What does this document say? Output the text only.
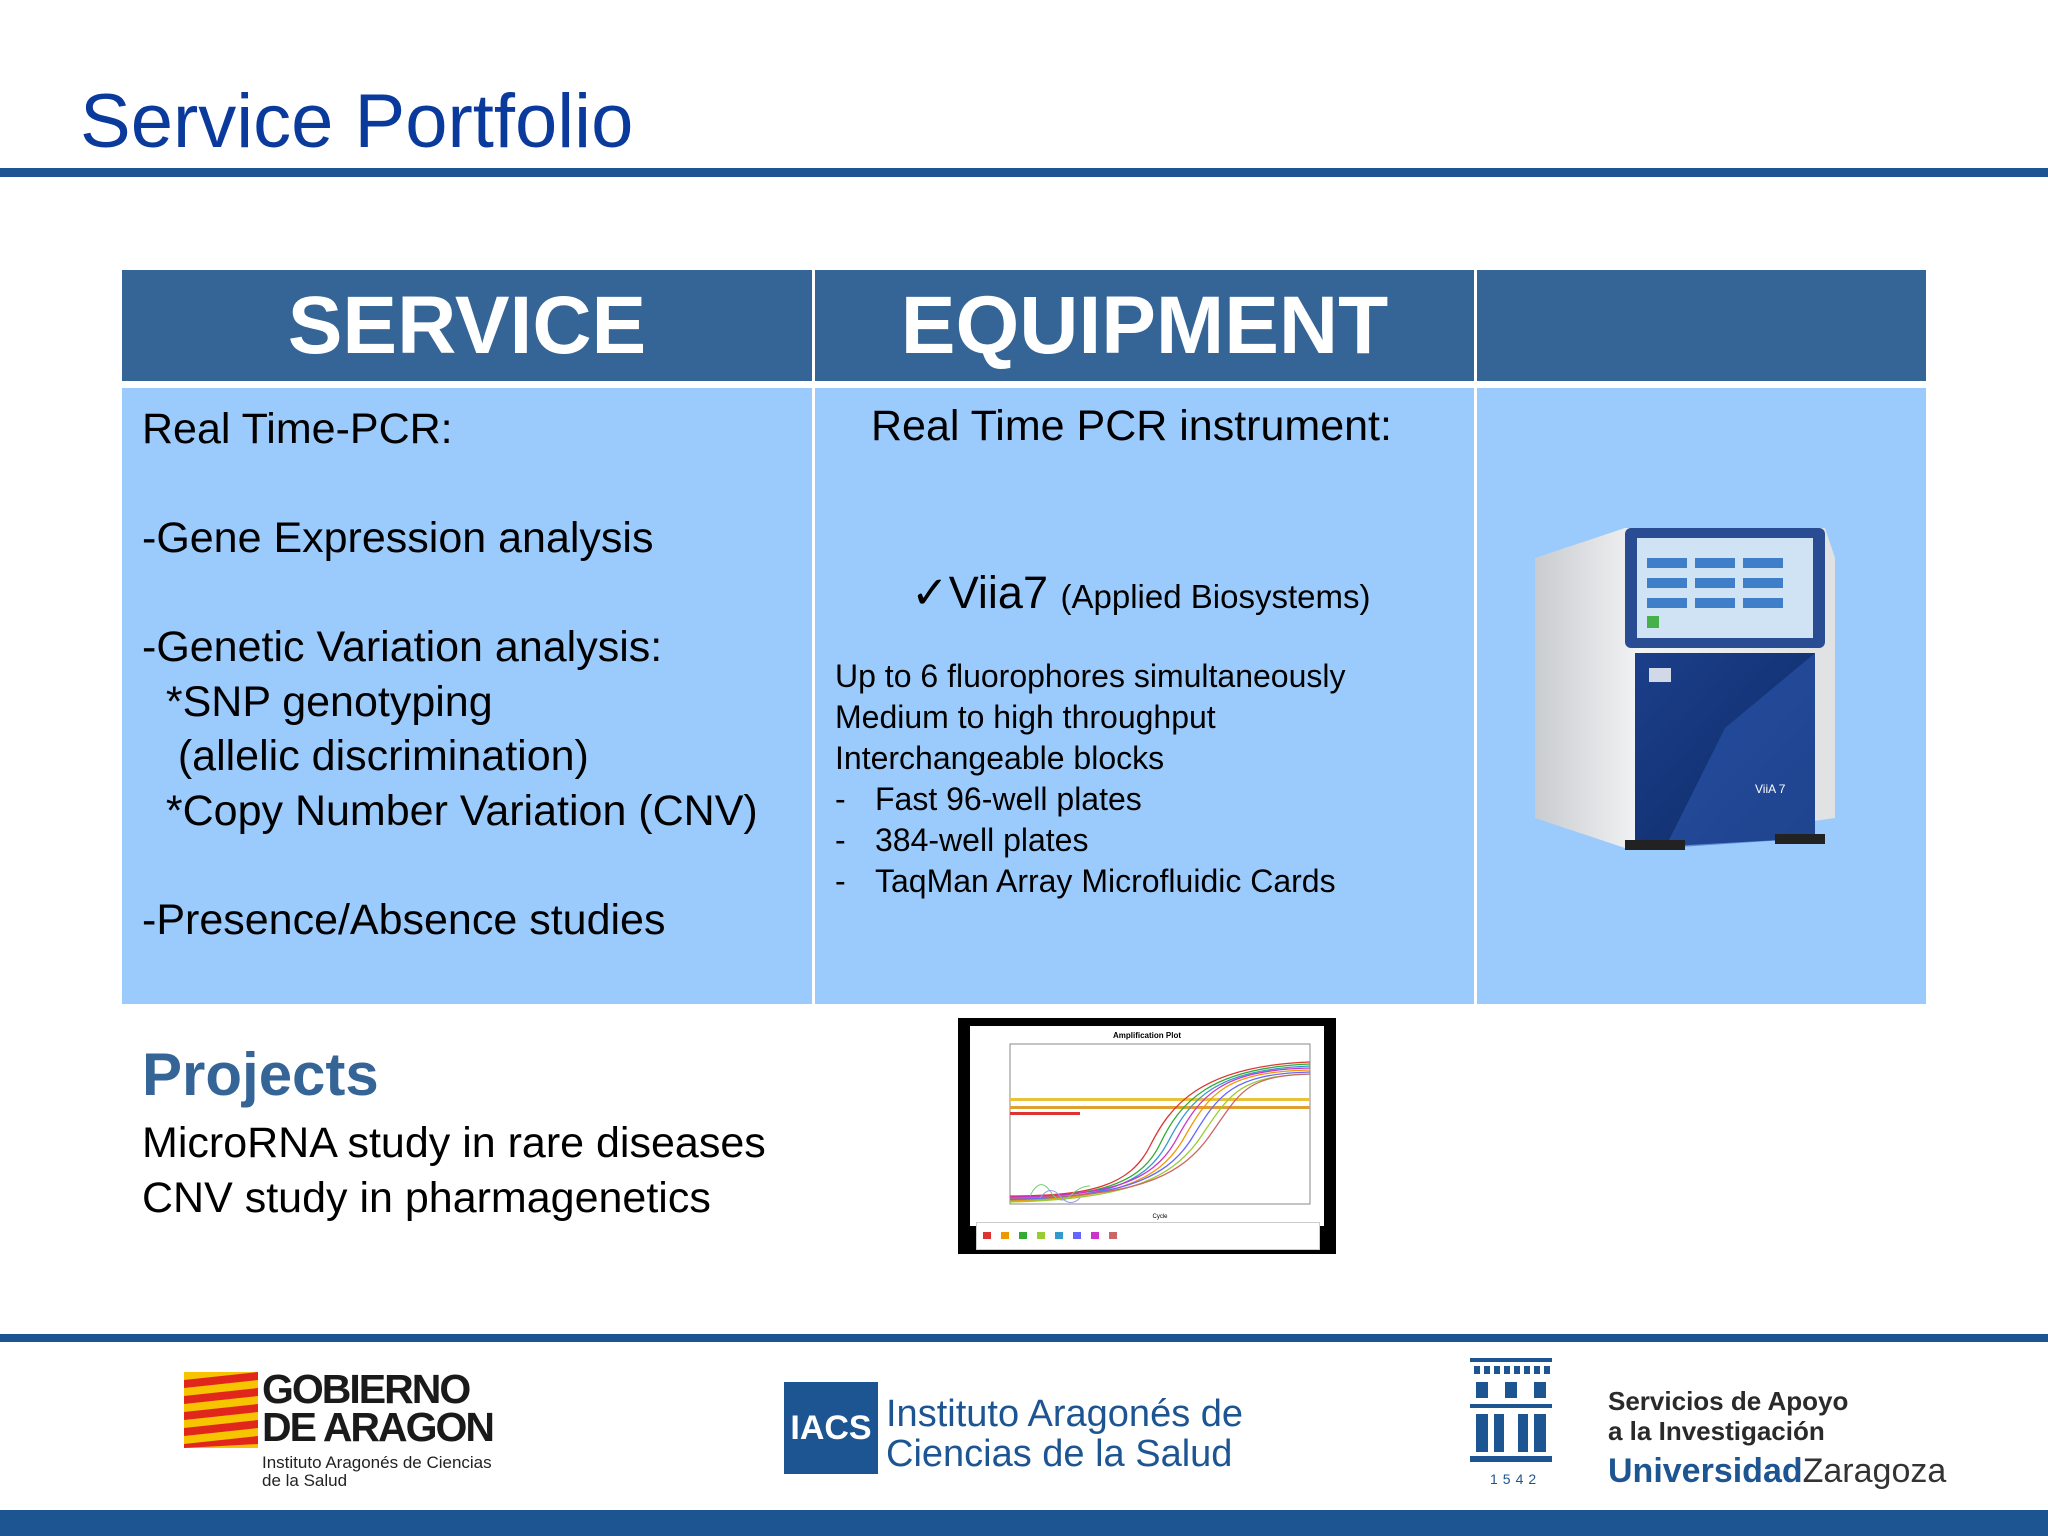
Service Portfolio
SERVICE	EQUIPMENT
Real Time-PCR:

-Gene Expression analysis

-Genetic Variation analysis:
*SNP genotyping
(allelic discrimination)
*Copy Number Variation (CNV)

-Presence/Absence studies
Real Time PCR instrument:
✓Viia7 (Applied Biosystems)
Up to 6 fluorophores simultaneously
Medium to high throughput
Interchangeable blocks
- Fast 96-well plates
- 384-well plates
- TaqMan Array Microfluidic Cards
ViiA 7
Projects
MicroRNA study in rare diseases
CNV study in pharmagenetics
Amplification Plot
Cycle
GOBIERNO
DE ARAGON
Instituto Aragonés de Ciencias de la Salud
IACS Instituto Aragonés de
Ciencias de la Salud
1542
Servicios de Apoyo
a la Investigación
UniversidadZaragoza
